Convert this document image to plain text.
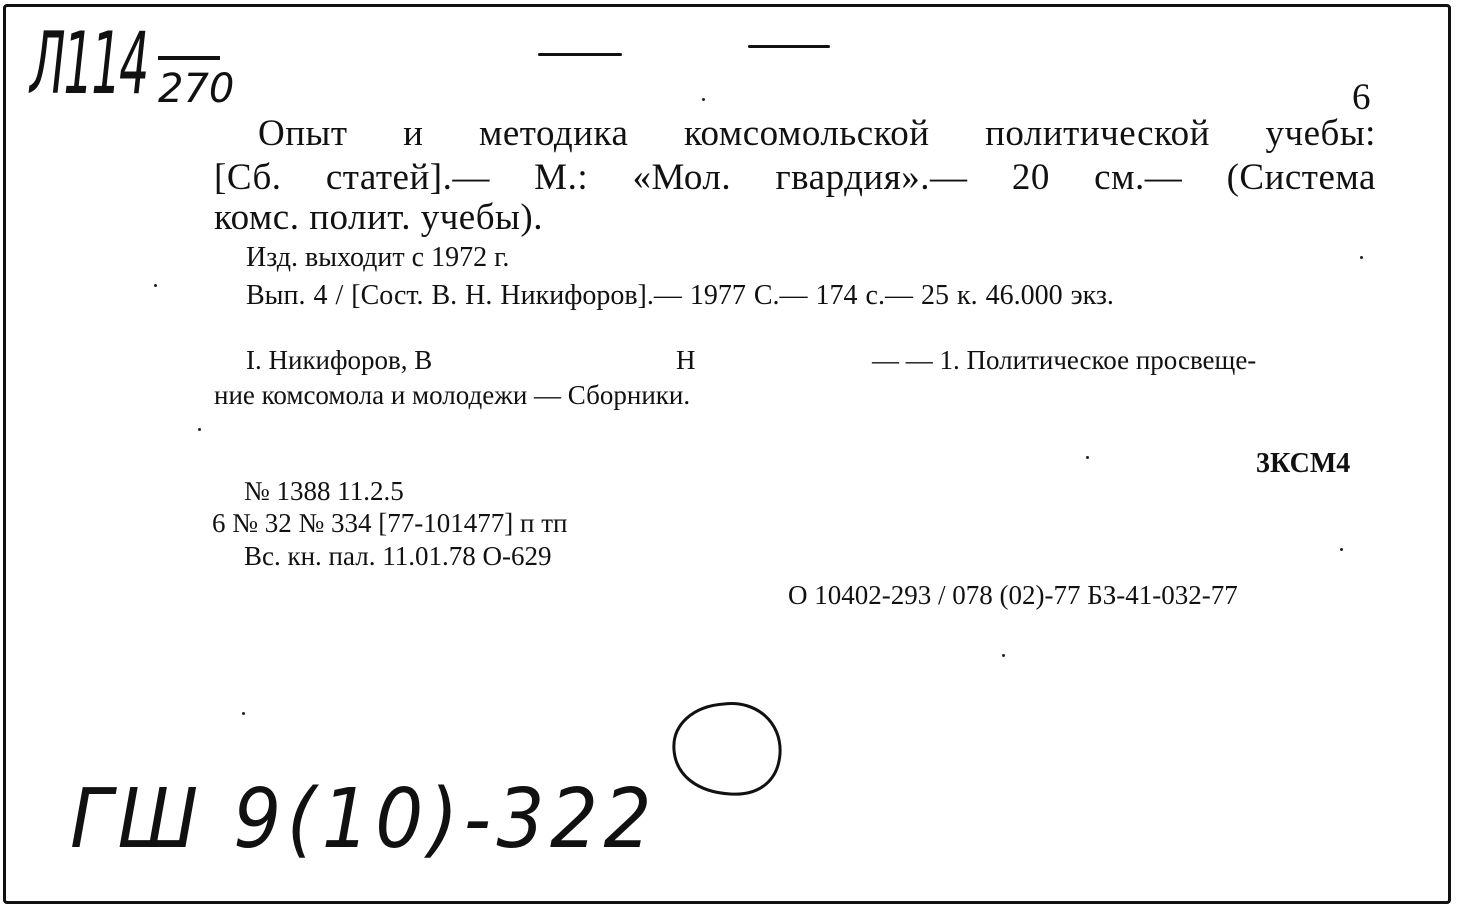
Л114 270	6
Опыт и методика комсомольской политической учебы:
[Сб. статей].— М.: «Мол. гвардия».— 20 см.— (Система
комс. полит. учебы).
Изд. выходит с 1972 г.
Вып. 4 / [Сост. В. Н. Никифоров].— 1977 С.— 174 с.— 25 к. 46.000 экз.
I. Никифоров, В	Н	— — 1. Политическое просвеще-
ние комсомола и молодежи — Сборники.
3КСМ4
№ 1388 11.2.5
6 № 32 № 334 [77-101477] п тп
Вс. кн. пал. 11.01.78 О-629
О 10402-293 / 078 (02)-77 БЗ-41-032-77
ГШ 9(10)-322
